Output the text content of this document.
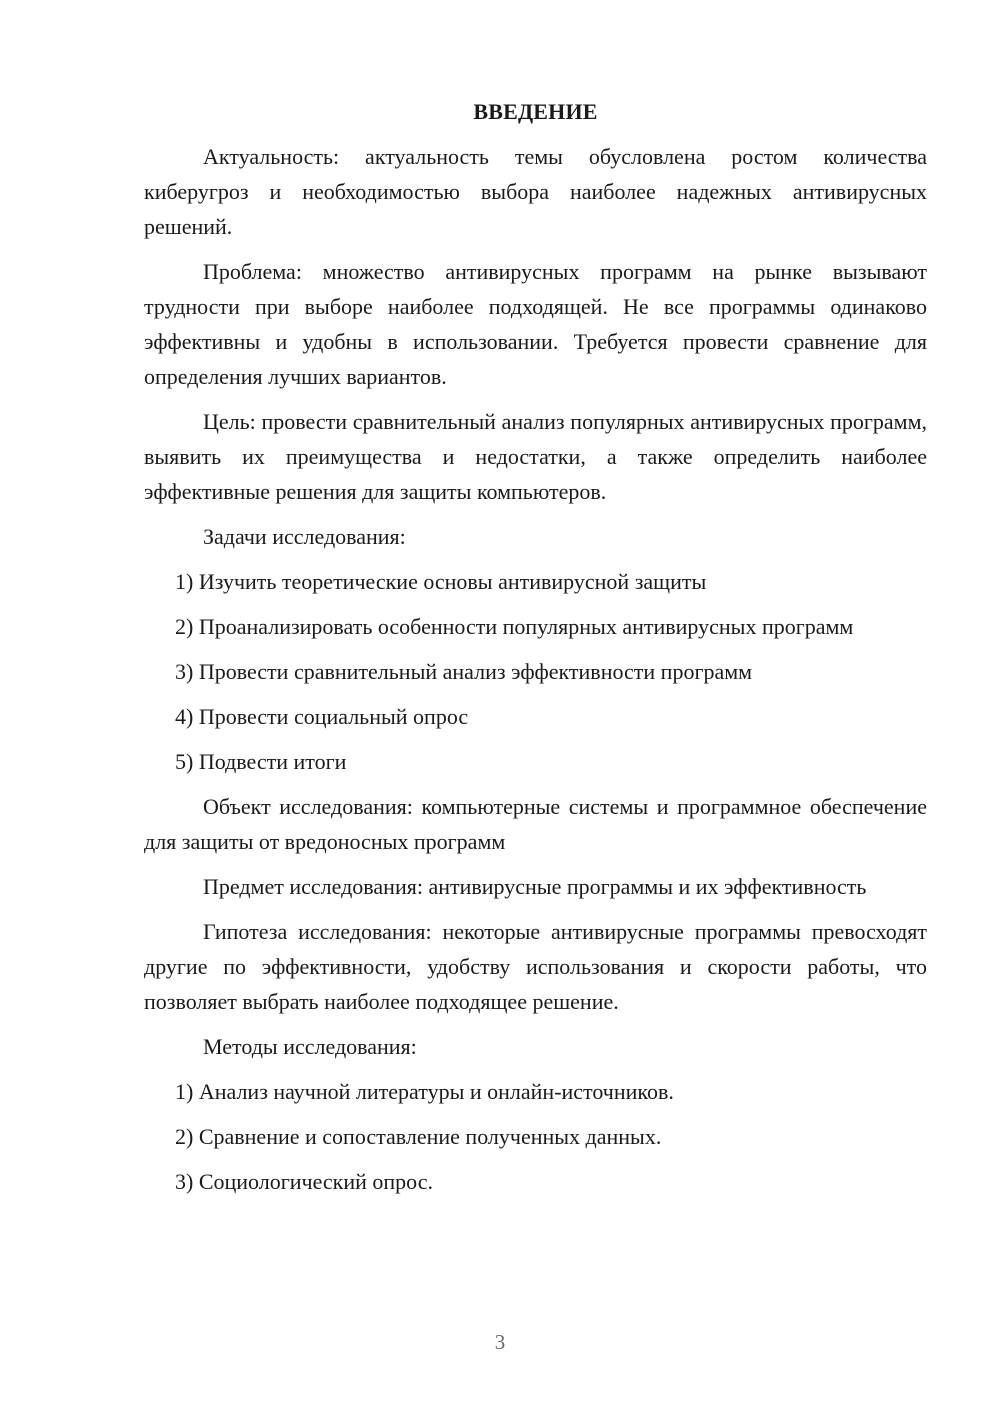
ВВЕДЕНИЕ

Актуальность: актуальность темы обусловлена ростом количества киберугроз и необходимостью выбора наиболее надежных антивирусных решений.

Проблема: множество антивирусных программ на рынке вызывают трудности при выборе наиболее подходящей. Не все программы одинаково эффективны и удобны в использовании. Требуется провести сравнение для определения лучших вариантов.

Цель: провести сравнительный анализ популярных антивирусных программ, выявить их преимущества и недостатки, а также определить наиболее эффективные решения для защиты компьютеров.

Задачи исследования:

1) Изучить теоретические основы антивирусной защиты

2) Проанализировать особенности популярных антивирусных программ

3) Провести сравнительный анализ эффективности программ

4) Провести социальный опрос

5) Подвести итоги

Объект исследования: компьютерные системы и программное обеспечение для защиты от вредоносных программ

Предмет исследования: антивирусные программы и их эффективность

Гипотеза исследования: некоторые антивирусные программы превосходят другие по эффективности, удобству использования и скорости работы, что позволяет выбрать наиболее подходящее решение.

Методы исследования:

1) Анализ научной литературы и онлайн-источников.

2) Сравнение и сопоставление полученных данных.

3) Социологический опрос.

3
